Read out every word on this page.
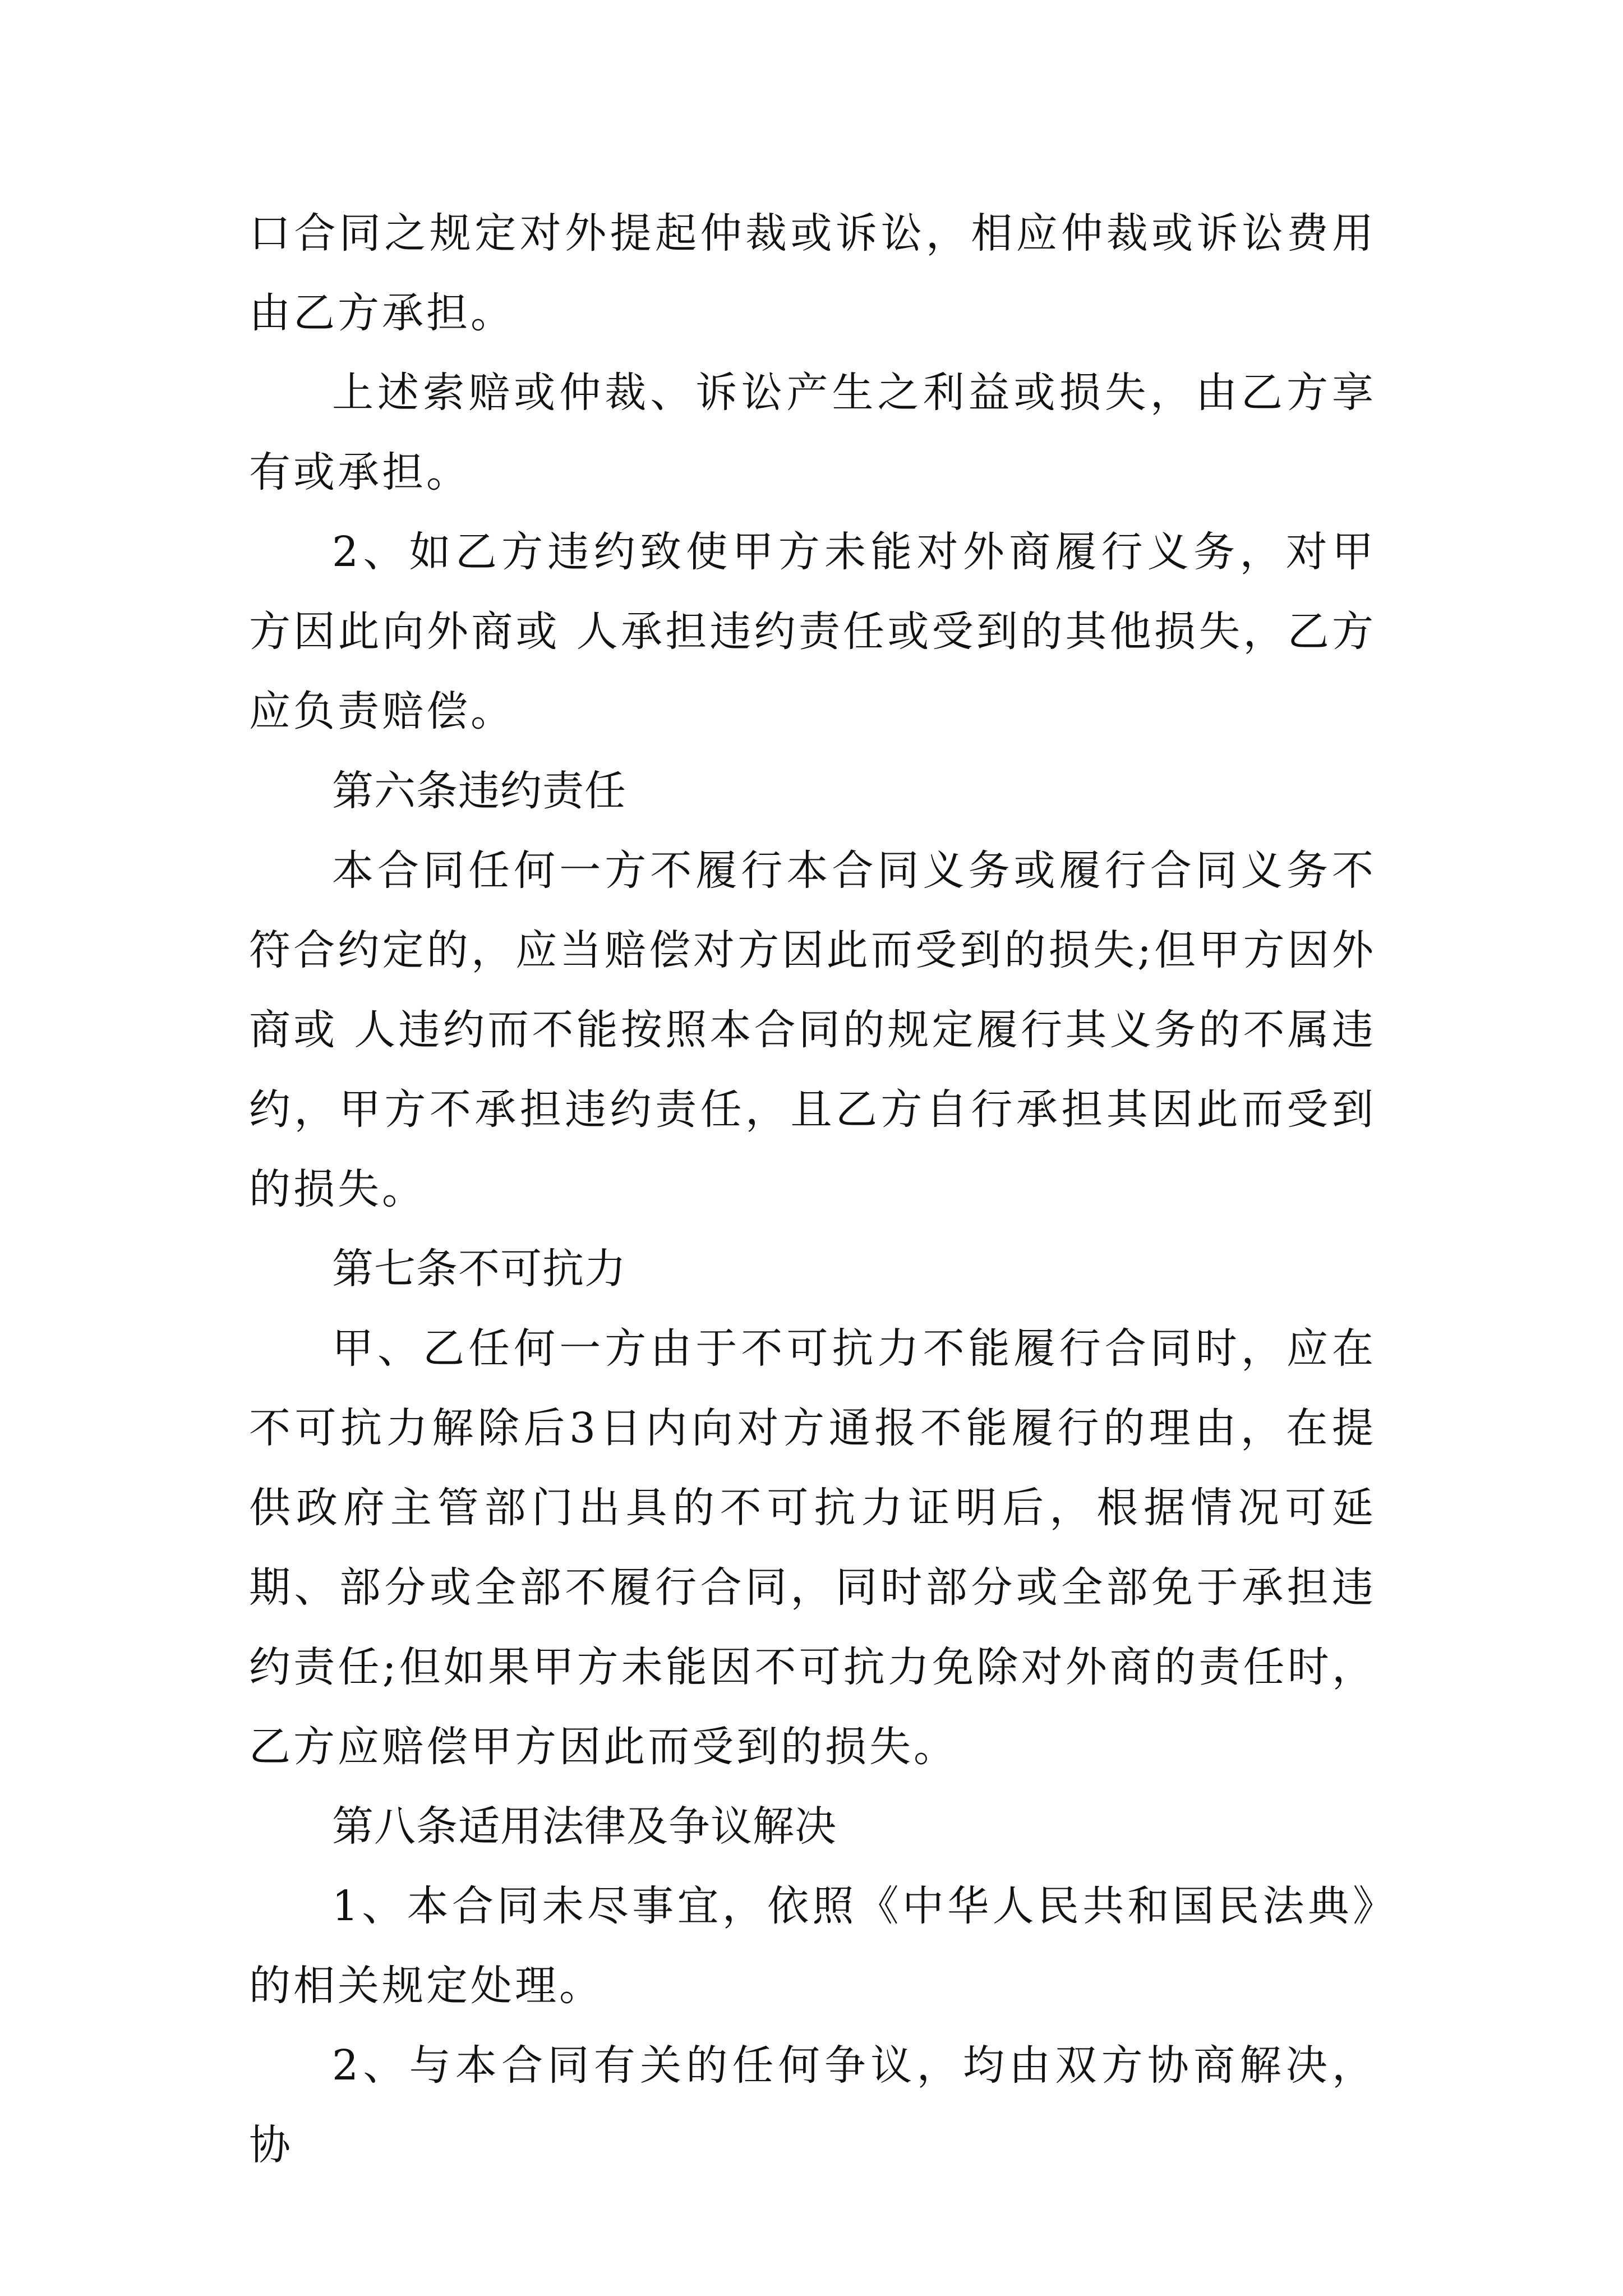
口合同之规定对外提起仲裁或诉讼，相应仲裁或诉讼费用由乙方承担。

上述索赔或仲裁、诉讼产生之利益或损失，由乙方享有或承担。

2、如乙方违约致使甲方未能对外商履行义务，对甲方因此向外商或 人承担违约责任或受到的其他损失，乙方应负责赔偿。

第六条违约责任

本合同任何一方不履行本合同义务或履行合同义务不符合约定的，应当赔偿对方因此而受到的损失;但甲方因外商或 人违约而不能按照本合同的规定履行其义务的不属违约，甲方不承担违约责任，且乙方自行承担其因此而受到的损失。

第七条不可抗力

甲、乙任何一方由于不可抗力不能履行合同时，应在不可抗力解除后3日内向对方通报不能履行的理由，在提供政府主管部门出具的不可抗力证明后，根据情况可延期、部分或全部不履行合同，同时部分或全部免于承担违约责任;但如果甲方未能因不可抗力免除对外商的责任时，乙方应赔偿甲方因此而受到的损失。

第八条适用法律及争议解决

1、本合同未尽事宜，依照《中华人民共和国民法典》的相关规定处理。

2、与本合同有关的任何争议，均由双方协商解决，协
